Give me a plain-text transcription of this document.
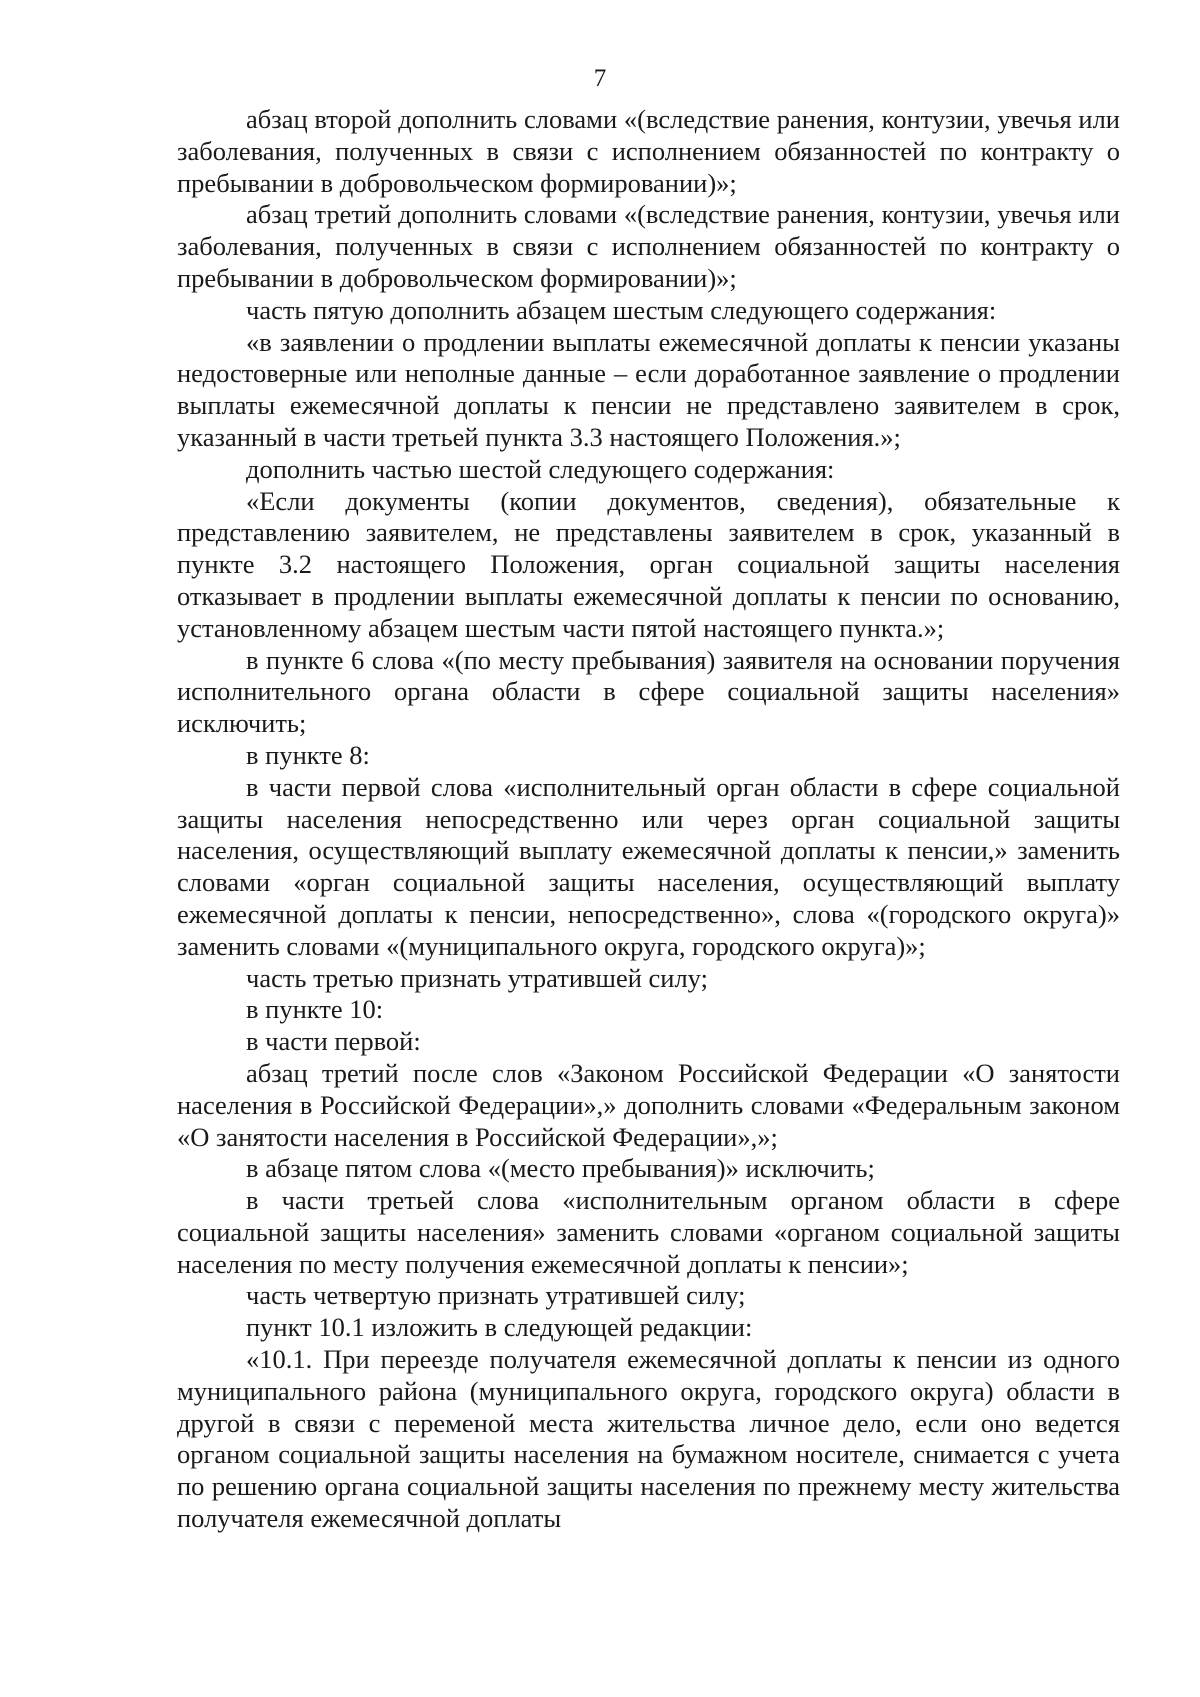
7

абзац второй дополнить словами «(вследствие ранения, контузии, увечья или заболевания, полученных в связи с исполнением обязанностей по контракту о пребывании в добровольческом формировании)»;

абзац третий дополнить словами «(вследствие ранения, контузии, увечья или заболевания, полученных в связи с исполнением обязанностей по контракту о пребывании в добровольческом формировании)»;

часть пятую дополнить абзацем шестым следующего содержания:

«в заявлении о продлении выплаты ежемесячной доплаты к пенсии указаны недостоверные или неполные данные – если доработанное заявление о продлении выплаты ежемесячной доплаты к пенсии не представлено заявителем в срок, указанный в части третьей пункта 3.3 настоящего Положения.»;

дополнить частью шестой следующего содержания:

«Если документы (копии документов, сведения), обязательные к представлению заявителем, не представлены заявителем в срок, указанный в пункте 3.2 настоящего Положения, орган социальной защиты населения отказывает в продлении выплаты ежемесячной доплаты к пенсии по основанию, установленному абзацем шестым части пятой настоящего пункта.»;

в пункте 6 слова «(по месту пребывания) заявителя на основании поручения исполнительного органа области в сфере социальной защиты населения» исключить;

в пункте 8:

в части первой слова «исполнительный орган области в сфере социальной защиты населения непосредственно или через орган социальной защиты населения, осуществляющий выплату ежемесячной доплаты к пенсии,» заменить словами «орган социальной защиты населения, осуществляющий выплату ежемесячной доплаты к пенсии, непосредственно», слова «(городского округа)» заменить словами «(муниципального округа, городского округа)»;

часть третью признать утратившей силу;

в пункте 10:

в части первой:

абзац третий после слов «Законом Российской Федерации «О занятости населения в Российской Федерации»,» дополнить словами «Федеральным законом «О занятости населения в Российской Федерации»,»;

в абзаце пятом слова «(место пребывания)» исключить;

в части третьей слова «исполнительным органом области в сфере социальной защиты населения» заменить словами «органом социальной защиты населения по месту получения ежемесячной доплаты к пенсии»;

часть четвертую признать утратившей силу;

пункт 10.1 изложить в следующей редакции:

«10.1. При переезде получателя ежемесячной доплаты к пенсии из одного муниципального района (муниципального округа, городского округа) области в другой в связи с переменой места жительства личное дело, если оно ведется органом социальной защиты населения на бумажном носителе, снимается с учета по решению органа социальной защиты населения по прежнему месту жительства получателя ежемесячной доплаты
